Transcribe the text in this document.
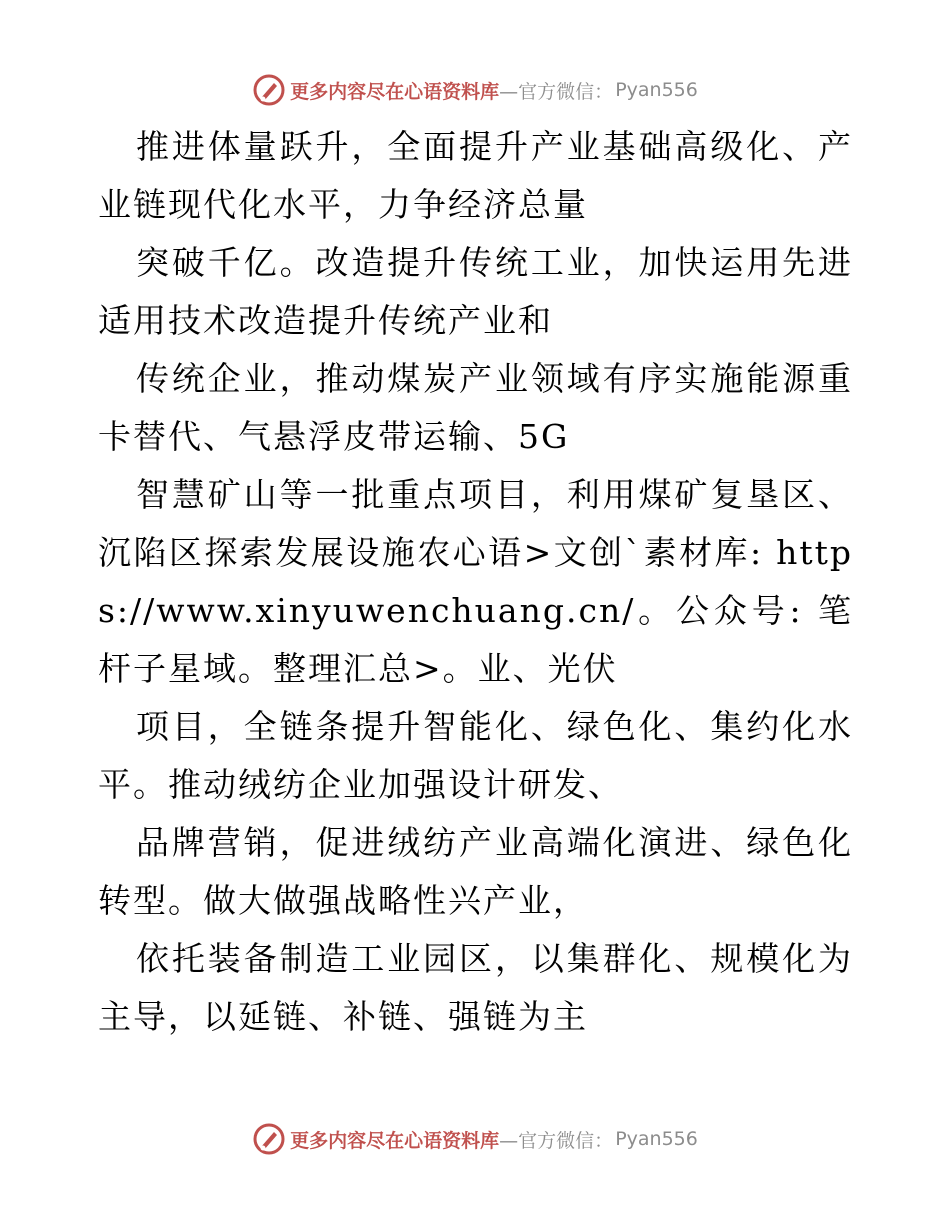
更多内容尽在心语资料库 —官方微信： Pyan556

推进体量跃升，全面提升产业基础高级化、产业链现代化水平，力争经济总量

突破千亿。改造提升传统工业，加快运用先进适用技术改造提升传统产业和

传统企业，推动煤炭产业领域有序实施能源重卡替代、气悬浮皮带运输、5G

智慧矿山等一批重点项目，利用煤矿复垦区、沉陷区探索发展设施农心语>文创`素材库: https://www.xinyuwenchuang.cn/。公众号: 笔杆子星域。整理汇总>。业、光伏

项目，全链条提升智能化、绿色化、集约化水平。推动绒纺企业加强设计研发、

品牌营销，促进绒纺产业高端化演进、绿色化转型。做大做强战略性兴产业，

依托装备制造工业园区，以集群化、规模化为主导，以延链、补链、强链为主

更多内容尽在心语资料库 —官方微信： Pyan556
